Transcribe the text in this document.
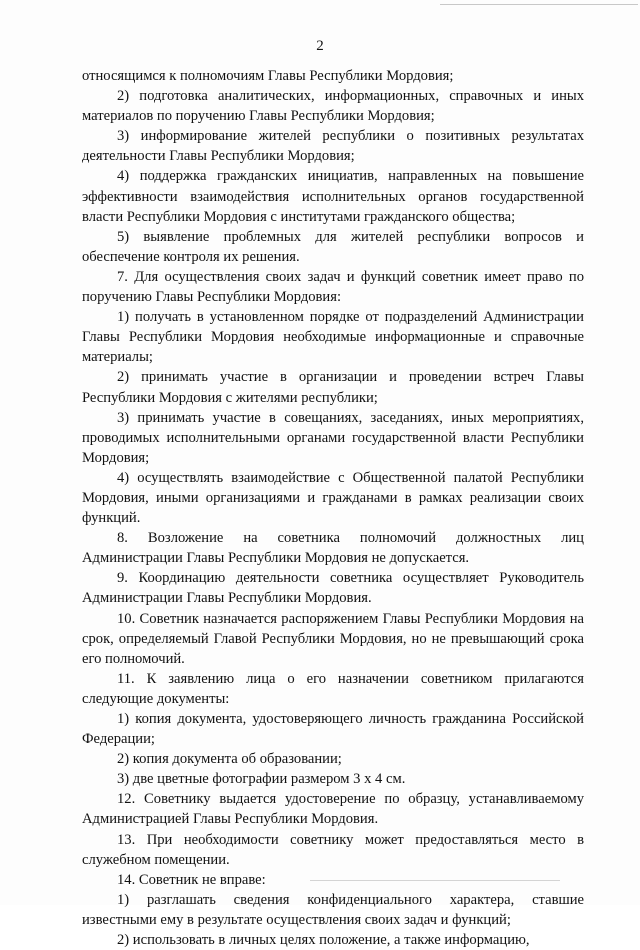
2

относящимся к полномочиям Главы Республики Мордовия;

2) подготовка аналитических, информационных, справочных и иных материалов по поручению Главы Республики Мордовия;

3) информирование жителей республики о позитивных результатах деятельности Главы Республики Мордовия;

4) поддержка гражданских инициатив, направленных на повышение эффективности взаимодействия исполнительных органов государственной власти Республики Мордовия с институтами гражданского общества;

5) выявление проблемных для жителей республики вопросов и обеспечение контроля их решения.

7. Для осуществления своих задач и функций советник имеет право по поручению Главы Республики Мордовия:

1) получать в установленном порядке от подразделений Администрации Главы Республики Мордовия необходимые информационные и справочные материалы;

2) принимать участие в организации и проведении встреч Главы Республики Мордовия с жителями республики;

3) принимать участие в совещаниях, заседаниях, иных мероприятиях, проводимых исполнительными органами государственной власти Республики Мордовия;

4) осуществлять взаимодействие с Общественной палатой Республики Мордовия, иными организациями и гражданами в рамках реализации своих функций.

8. Возложение на советника полномочий должностных лиц Администрации Главы Республики Мордовия не допускается.

9. Координацию деятельности советника осуществляет Руководитель Администрации Главы Республики Мордовия.

10. Советник назначается распоряжением Главы Республики Мордовия на срок, определяемый Главой Республики Мордовия, но не превышающий срока его полномочий.

11. К заявлению лица о его назначении советником прилагаются следующие документы:

1) копия документа, удостоверяющего личность гражданина Российской Федерации;

2) копия документа об образовании;

3) две цветные фотографии размером 3 х 4 см.

12. Советнику выдается удостоверение по образцу, устанавливаемому Администрацией Главы Республики Мордовия.

13. При необходимости советнику может предоставляться место в служебном помещении.

14. Советник не вправе:

1) разглашать сведения конфиденциального характера, ставшие известными ему в результате осуществления своих задач и функций;

2) использовать в личных целях положение, а также информацию,
